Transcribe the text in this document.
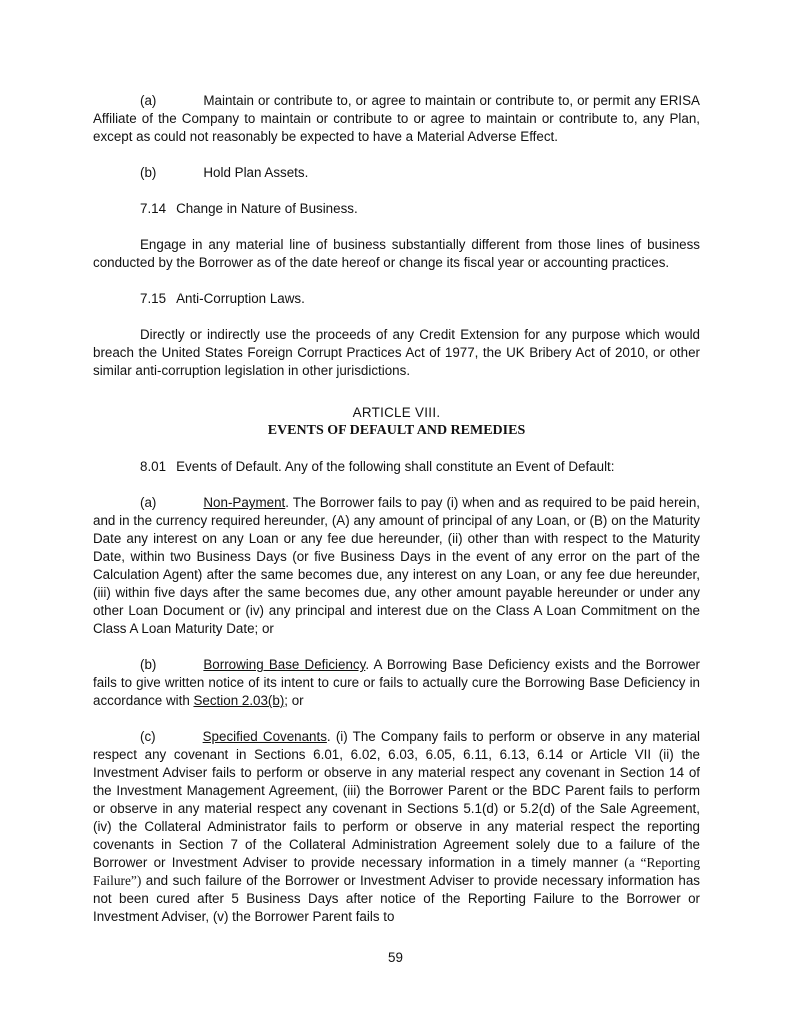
(a)	Maintain or contribute to, or agree to maintain or contribute to, or permit any ERISA Affiliate of the Company to maintain or contribute to or agree to maintain or contribute to, any Plan, except as could not reasonably be expected to have a Material Adverse Effect.

(b)	Hold Plan Assets.

7.14 Change in Nature of Business.

Engage in any material line of business substantially different from those lines of business conducted by the Borrower as of the date hereof or change its fiscal year or accounting practices.

7.15 Anti-Corruption Laws.

Directly or indirectly use the proceeds of any Credit Extension for any purpose which would breach the United States Foreign Corrupt Practices Act of 1977, the UK Bribery Act of 2010, or other similar anti-corruption legislation in other jurisdictions.

ARTICLE VIII.

EVENTS OF DEFAULT AND REMEDIES

8.01 Events of Default. Any of the following shall constitute an Event of Default:

(a)	Non-Payment. The Borrower fails to pay (i) when and as required to be paid herein, and in the currency required hereunder, (A) any amount of principal of any Loan, or (B) on the Maturity Date any interest on any Loan or any fee due hereunder, (ii) other than with respect to the Maturity Date, within two Business Days (or five Business Days in the event of any error on the part of the Calculation Agent) after the same becomes due, any interest on any Loan, or any fee due hereunder, (iii) within five days after the same becomes due, any other amount payable hereunder or under any other Loan Document or (iv) any principal and interest due on the Class A Loan Commitment on the Class A Loan Maturity Date; or

(b)	Borrowing Base Deficiency. A Borrowing Base Deficiency exists and the Borrower fails to give written notice of its intent to cure or fails to actually cure the Borrowing Base Deficiency in accordance with Section 2.03(b); or

(c)	Specified Covenants. (i) The Company fails to perform or observe in any material respect any covenant in Sections 6.01, 6.02, 6.03, 6.05, 6.11, 6.13, 6.14 or Article VII (ii) the Investment Adviser fails to perform or observe in any material respect any covenant in Section 14 of the Investment Management Agreement, (iii) the Borrower Parent or the BDC Parent fails to perform or observe in any material respect any covenant in Sections 5.1(d) or 5.2(d) of the Sale Agreement, (iv) the Collateral Administrator fails to perform or observe in any material respect the reporting covenants in Section 7 of the Collateral Administration Agreement solely due to a failure of the Borrower or Investment Adviser to provide necessary information in a timely manner (a “Reporting Failure”) and such failure of the Borrower or Investment Adviser to provide necessary information has not been cured after 5 Business Days after notice of the Reporting Failure to the Borrower or Investment Adviser, (v) the Borrower Parent fails to

59
